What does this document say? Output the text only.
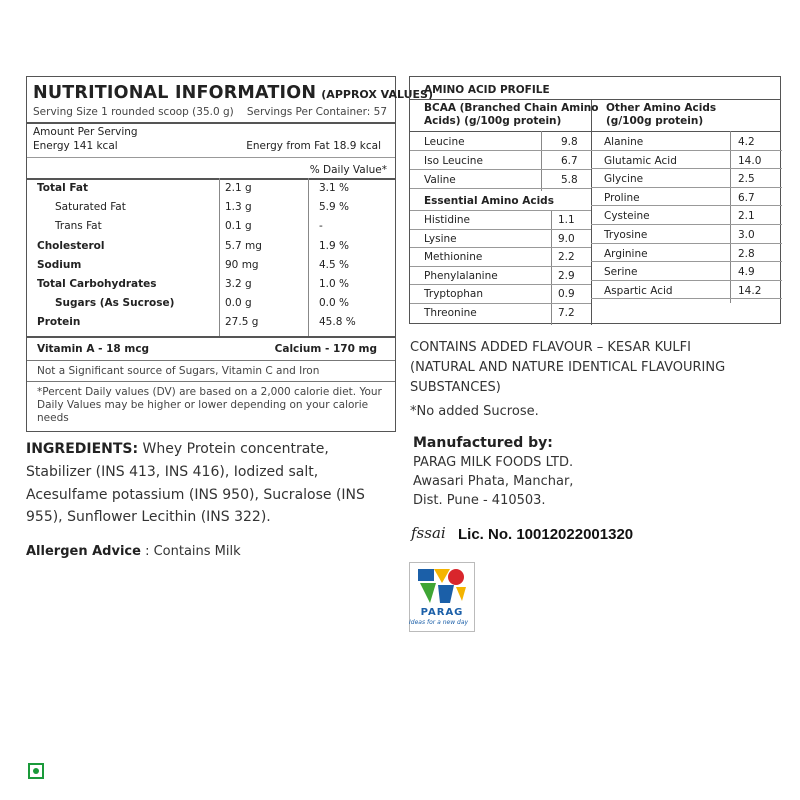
NUTRITIONAL INFORMATION (APPROX VALUES)
Serving Size 1 rounded scoop (35.0 g) Servings Per Container: 57
Amount Per Serving
Energy 141 kcal	Energy from Fat 18.9 kcal
% Daily Value*
Total Fat	2.1 g	3.1 %
Saturated Fat	1.3 g	5.9 %
Trans Fat	0.1 g	-
Cholesterol	5.7 mg	1.9 %
Sodium	90 mg	4.5 %
Total Carbohydrates	3.2 g	1.0 %
Sugars (As Sucrose)	0.0 g	0.0 %
Protein	27.5 g	45.8 %
Vitamin A - 18 mcg	Calcium - 170 mg
Not a Significant source of Sugars, Vitamin C and Iron
*Percent Daily values (DV) are based on a 2,000 calorie diet. Your
Daily Values may be higher or lower depending on your calorie
needs
AMINO ACID PROFILE
BCAA (Branched Chain Amino
Acids) (g/100g protein)
Other Amino Acids
(g/100g protein)
Essential Amino Acids
Leucine	9.8
Iso Leucine	6.7
Valine	5.8
Histidine	1.1
Lysine	9.0
Methionine	2.2
Phenylalanine	2.9
Tryptophan	0.9
Threonine	7.2
Alanine	4.2
Glutamic Acid	14.0
Glycine	2.5
Proline	6.7
Cysteine	2.1
Tryosine	3.0
Arginine	2.8
Serine	4.9
Aspartic Acid	14.2
CONTAINS ADDED FLAVOUR – KESAR KULFI
(NATURAL AND NATURE IDENTICAL FLAVOURING
SUBSTANCES)
*No added Sucrose.
Manufactured by:
PARAG MILK FOODS LTD.
Awasari Phata, Manchar,
Dist. Pune - 410503.
fssai Lic. No. 10012022001320
PARAG
Ideas for a new day
INGREDIENTS: Whey Protein concentrate,
Stabilizer (INS 413, INS 416), Iodized salt,
Acesulfame potassium (INS 950), Sucralose (INS
955), Sunflower Lecithin (INS 322).
Allergen Advice : Contains Milk
